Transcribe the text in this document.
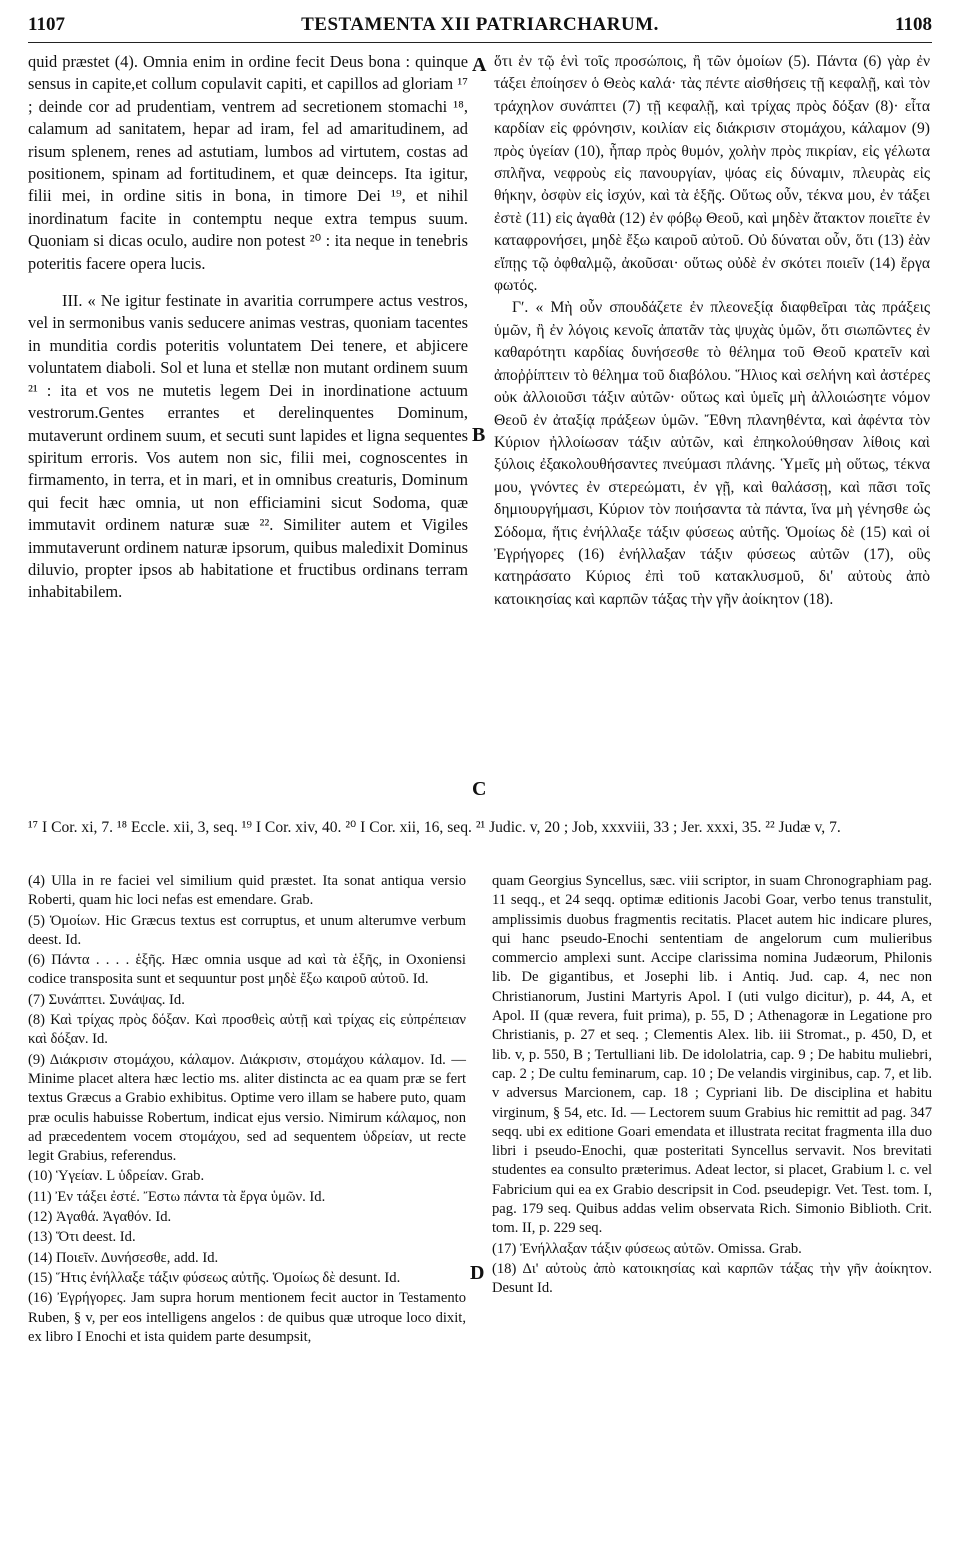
1107	TESTAMENTA XII PATRIARCHARUM.	1108

quid præstet (4). Omnia enim in ordine fecit Deus bona : quinque sensus in capite,et collum copulavit capiti, et capillos ad gloriam ¹⁷ ; deinde cor ad prudentiam, ventrem ad secretionem stomachi ¹⁸, calamum ad sanitatem, hepar ad iram, fel ad amaritudinem, ad risum splenem, renes ad astutiam, lumbos ad virtutem, costas ad positionem, spinam ad fortitudinem, et quæ deinceps. Ita igitur, filii mei, in ordine sitis in bona, in timore Dei ¹⁹, et nihil inordinatum facite in contemptu neque extra tempus suum. Quoniam si dicas oculo, audire non potest ²⁰ : ita neque in tenebris poteritis facere opera lucis.

III. « Ne igitur festinate in avaritia corrumpere actus vestros, vel in sermonibus vanis seducere animas vestras, quoniam tacentes in munditia cordis poteritis voluntatem Dei tenere, et abjicere voluntatem diaboli. Sol et luna et stellæ non mutant ordinem suum ²¹ : ita et vos ne mutetis legem Dei in inordinatione actuum vestrorum.Gentes errantes et derelinquentes Dominum, mutaverunt ordinem suum, et secuti sunt lapides et ligna sequentes spiritum erroris. Vos autem non sic, filii mei, cognoscentes in firmamento, in terra, et in mari, et in omnibus creaturis, Dominum qui fecit hæc omnia, ut non efficiamini sicut Sodoma, quæ immutavit ordinem naturæ suæ ²². Similiter autem et Vigiles immutaverunt ordinem naturæ ipsorum, quibus maledixit Dominus diluvio, propter ipsos ab habitatione et fructibus ordinans terram inhabitabilem.

ὅτι ἐν τῷ ἑνὶ τοῖς προσώποις, ἢ τῶν ὁμοίων (5). Πάντα (6) γὰρ ἐν τάξει ἐποίησεν ὁ Θεὸς καλά· τὰς πέντε αἰσθήσεις τῇ κεφαλῇ, καὶ τὸν τράχηλον συνάπτει (7) τῇ κεφαλῇ, καὶ τρίχας πρὸς δόξαν (8)· εἶτα καρδίαν εἰς φρόνησιν, κοιλίαν εἰς διάκρισιν στομάχου, κάλαμον (9) πρὸς ὑγείαν (10), ἧπαρ πρὸς θυμόν, χολὴν πρὸς πικρίαν, εἰς γέλωτα σπλῆνα, νεφροὺς εἰς πανουργίαν, ψόας εἰς δύναμιν, πλευρὰς εἰς θήκην, ὀσφὺν εἰς ἰσχύν, καὶ τὰ ἑξῆς. Οὕτως οὖν, τέκνα μου, ἐν τάξει ἐστὲ (11) εἰς ἀγαθὰ (12) ἐν φόβῳ Θεοῦ, καὶ μηδὲν ἄτακτον ποιεῖτε ἐν καταφρονήσει, μηδὲ ἔξω καιροῦ αὐτοῦ. Οὐ δύναται οὖν, ὅτι (13) ἐὰν εἴπῃς τῷ ὀφθαλμῷ, ἀκοῦσαι· οὕτως οὐδὲ ἐν σκότει ποιεῖν (14) ἔργα φωτός.

Γʹ. « Μὴ οὖν σπουδάζετε ἐν πλεονεξίᾳ διαφθεῖραι τὰς πράξεις ὑμῶν, ἢ ἐν λόγοις κενοῖς ἀπατᾶν τὰς ψυχὰς ὑμῶν, ὅτι σιωπῶντες ἐν καθαρότητι καρδίας δυνήσεσθε τὸ θέλημα τοῦ Θεοῦ κρατεῖν καὶ ἀποῤῥίπτειν τὸ θέλημα τοῦ διαβόλου. Ἥλιος καὶ σελήνη καὶ ἀστέρες οὐκ ἀλλοιοῦσι τάξιν αὐτῶν· οὕτως καὶ ὑμεῖς μὴ ἀλλοιώσητε νόμον Θεοῦ ἐν ἀταξίᾳ πράξεων ὑμῶν. Ἔθνη πλανηθέντα, καὶ ἀφέντα τὸν Κύριον ἠλλοίωσαν τάξιν αὐτῶν, καὶ ἐπηκολούθησαν λίθοις καὶ ξύλοις ἐξακολουθήσαντες πνεύμασι πλάνης. Ὑμεῖς μὴ οὕτως, τέκνα μου, γνόντες ἐν στερεώματι, ἐν γῇ, καὶ θαλάσσῃ, καὶ πᾶσι τοῖς δημιουργήμασι, Κύριον τὸν ποιήσαντα τὰ πάντα, ἵνα μὴ γένησθε ὡς Σόδομα, ἥτις ἐνήλλαξε τάξιν φύσεως αὐτῆς. Ὁμοίως δὲ (15) καὶ οἱ Ἐγρήγορες (16) ἐνήλλαξαν τάξιν φύσεως αὐτῶν (17), οὓς κατηράσατο Κύριος ἐπὶ τοῦ κατακλυσμοῦ, δι' αὐτοὺς ἀπὸ κατοικησίας καὶ καρπῶν τάξας τὴν γῆν ἀοίκητον (18).

A
B
C
D
¹⁷ I Cor. xi, 7. ¹⁸ Eccle. xii, 3, seq. ¹⁹ I Cor. xiv, 40. ²⁰ I Cor. xii, 16, seq. ²¹ Judic. v, 20 ; Job, xxxviii, 33 ; Jer. xxxi, 35. ²² Judæ v, 7.

(4) Ulla in re faciei vel similium quid præstet. Ita sonat antiqua versio Roberti, quam hic loci nefas est emendare. Grab.

(5) Ὁμοίων. Hic Græcus textus est corruptus, et unum alterumve verbum deest. Id.

(6) Πάντα . . . . ἑξῆς. Hæc omnia usque ad καὶ τὰ ἑξῆς, in Oxoniensi codice transposita sunt et sequuntur post μηδὲ ἔξω καιροῦ αὐτοῦ. Id.

(7) Συνάπτει. Συνάψας. Id.

(8) Καὶ τρίχας πρὸς δόξαν. Καὶ προσθεὶς αὐτῇ καὶ τρίχας εἰς εὐπρέπειαν καὶ δόξαν. Id.

(9) Διάκρισιν στομάχου, κάλαμον. Διάκρισιν, στομάχου κάλαμον. Id. — Minime placet altera hæc lectio ms. aliter distincta ac ea quam præ se fert textus Græcus a Grabio exhibitus. Optime vero illam se habere puto, quam præ oculis habuisse Robertum, indicat ejus versio. Nimirum κάλαμος, non ad præcedentem vocem στομάχου, sed ad sequentem ὑδρείαν, ut recte legit Grabius, referendus.

(10) Ὑγείαν. L ὑδρείαν. Grab.

(11) Ἐν τάξει ἐστέ. Ἔστω πάντα τὰ ἔργα ὑμῶν. Id.

(12) Ἀγαθά. Ἀγαθόν. Id.

(13) Ὅτι deest. Id.

(14) Ποιεῖν. Δυνήσεσθε, add. Id.

(15) Ἥτις ἐνήλλαξε τάξιν φύσεως αὐτῆς. Ὁμοίως δὲ desunt. Id.

(16) Ἐγρήγορες. Jam supra horum mentionem fecit auctor in Testamento Ruben, § v, per eos intelligens angelos : de quibus quæ utroque loco dixit, ex libro I Enochi et ista quidem parte desumpsit,

quam Georgius Syncellus, sæc. viii scriptor, in suam Chronographiam pag. 11 seqq., et 24 seqq. optimæ editionis Jacobi Goar, verbo tenus transtulit, amplissimis duobus fragmentis recitatis. Placet autem hic indicare plures, qui hanc pseudo-Enochi sententiam de angelorum cum mulieribus commercio amplexi sunt. Accipe clarissima nomina Judæorum, Philonis lib. De gigantibus, et Josephi lib. i Antiq. Jud. cap. 4, nec non Christianorum, Justini Martyris Apol. I (uti vulgo dicitur), p. 44, A, et Apol. II (quæ revera, fuit prima), p. 55, D ; Athenagoræ in Legatione pro Christianis, p. 27 et seq. ; Clementis Alex. lib. iii Stromat., p. 450, D, et lib. v, p. 550, B ; Tertulliani lib. De idololatria, cap. 9 ; De habitu muliebri, cap. 2 ; De cultu feminarum, cap. 10 ; De velandis virginibus, cap. 7, et lib. v adversus Marcionem, cap. 18 ; Cypriani lib. De disciplina et habitu virginum, § 54, etc. Id. — Lectorem suum Grabius hic remittit ad pag. 347 seqq. ubi ex editione Goari emendata et illustrata recitat fragmenta illa duo libri i pseudo-Enochi, quæ posteritati Syncellus servavit. Nos brevitati studentes ea consulto præterimus. Adeat lector, si placet, Grabium l. c. vel Fabricium qui ea ex Grabio descripsit in Cod. pseudepigr. Vet. Test. tom. I, pag. 179 seq. Quibus addas velim observata Rich. Simonio Biblioth. Crit. tom. II, p. 229 seq.

(17) Ἐνήλλαξαν τάξιν φύσεως αὐτῶν. Omissa. Grab.

(18) Δι' αὐτοὺς ἀπὸ κατοικησίας καὶ καρπῶν τάξας τὴν γῆν ἀοίκητον. Desunt Id.
